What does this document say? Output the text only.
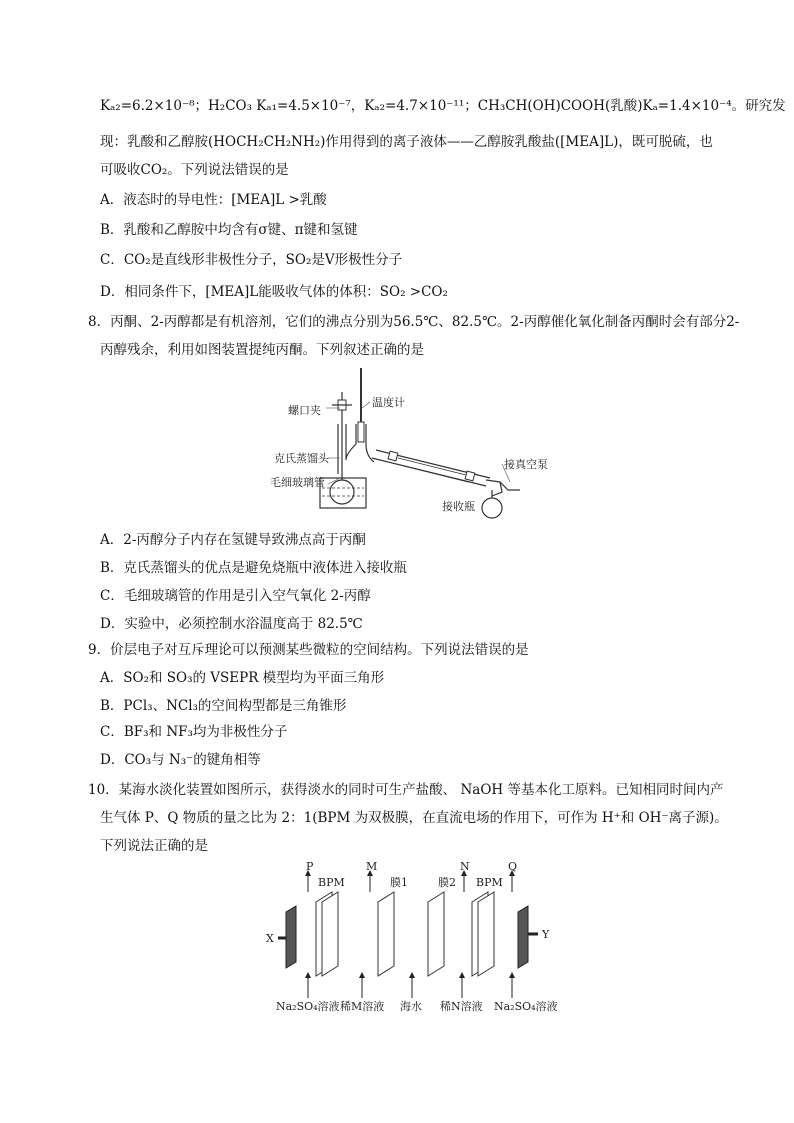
Kₐ₂=6.2×10⁻⁸；H₂CO₃ Kₐ₁=4.5×10⁻⁷，Kₐ₂=4.7×10⁻¹¹；CH₃CH(OH)COOH(乳酸)Kₐ=1.4×10⁻⁴。研究发
现：乳酸和乙醇胺(HOCH₂CH₂NH₂)作用得到的离子液体——乙醇胺乳酸盐([MEA]L)，既可脱硫，也
可吸收CO₂。下列说法错误的是
A．液态时的导电性：[MEA]L >乳酸
B．乳酸和乙醇胺中均含有σ键、π键和氢键
C．CO₂是直线形非极性分子，SO₂是V形极性分子
D．相同条件下，[MEA]L能吸收气体的体积：SO₂ >CO₂
8．丙酮、2-丙醇都是有机溶剂，它们的沸点分别为56.5℃、82.5℃。2-丙醇催化氧化制备丙酮时会有部分2-
丙醇残余，利用如图装置提纯丙酮。下列叙述正确的是
螺口夹
温度计
克氏蒸馏头	接真空泵
毛细玻璃管
接收瓶
A．2-丙醇分子内存在氢键导致沸点高于丙酮
B．克氏蒸馏头的优点是避免烧瓶中液体进入接收瓶
C．毛细玻璃管的作用是引入空气氧化 2-丙醇
D．实验中，必须控制水浴温度高于 82.5℃
9．价层电子对互斥理论可以预测某些微粒的空间结构。下列说法错误的是
A．SO₂和 SO₃的 VSEPR 模型均为平面三角形
B．PCl₃、NCl₃的空间构型都是三角锥形
C．BF₃和 NF₃均为非极性分子
D．CO₃与 N₃⁻的键角相等
10．某海水淡化装置如图所示，获得淡水的同时可生产盐酸、 NaOH 等基本化工原料。已知相同时间内产
生气体 P、Q 物质的量之比为 2：1(BPM 为双极膜，在直流电场的作用下，可作为 H⁺和 OH⁻离子源)。
下列说法正确的是
P
BPM
M
膜1	膜2
N
BPM
Q
X	Y
Na₂SO₄溶液 稀M溶液 海水 稀N溶液 Na₂SO₄溶液
